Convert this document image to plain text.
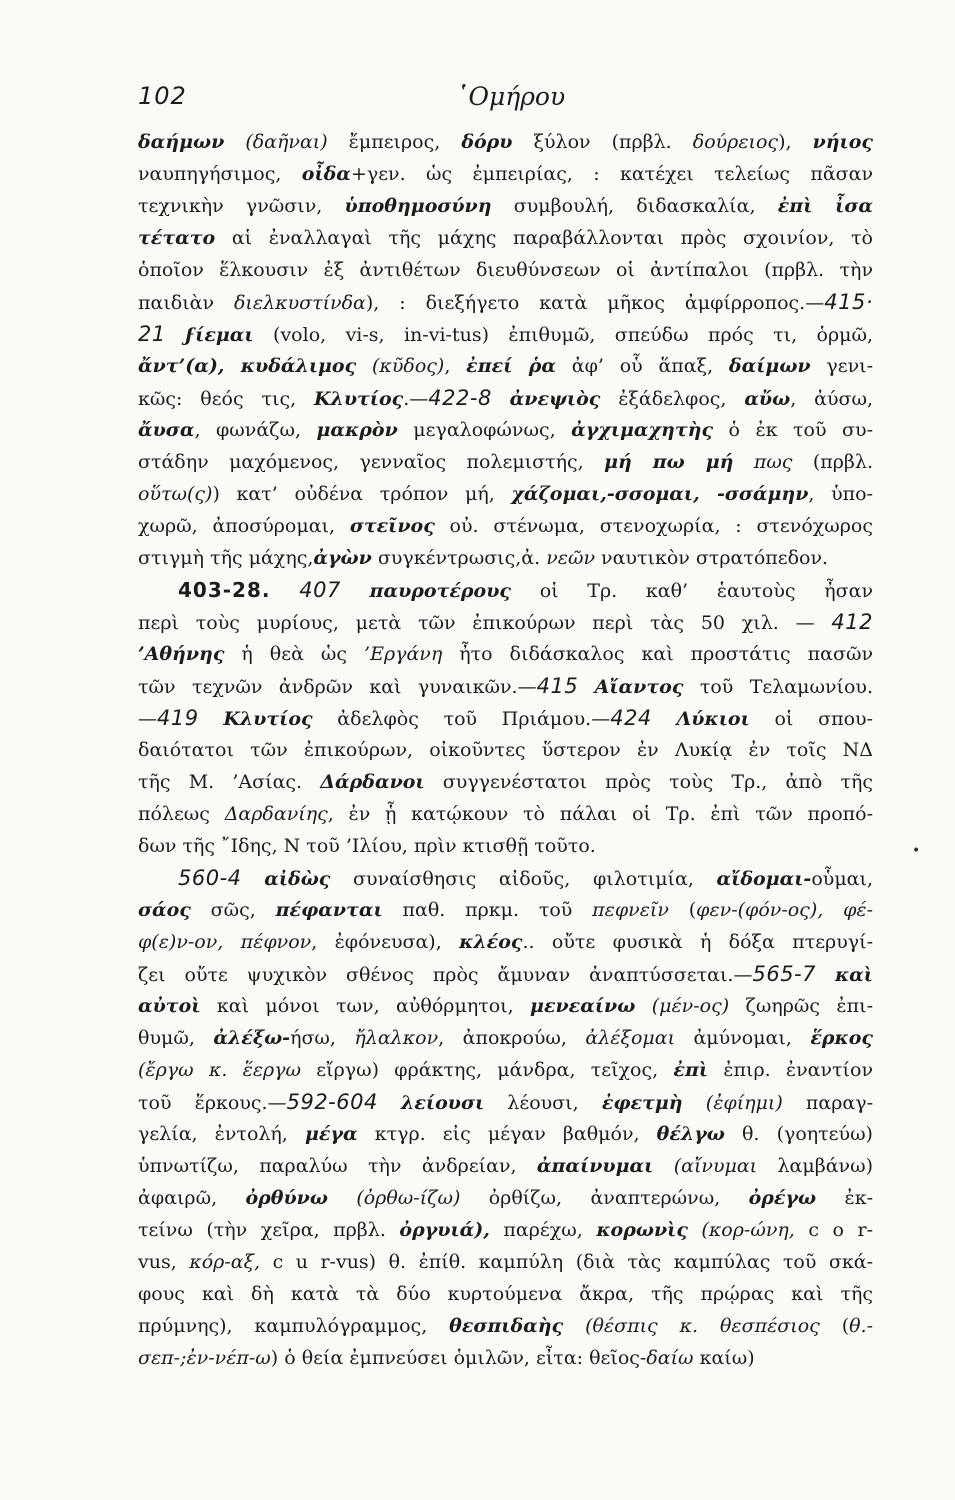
102	῾Ομήρου
δαήμων (δαῆναι) ἔμπειρος, δόρυ ξύλον (πρβλ. δούρειος), νήιος
ναυπηγήσιμος, οἶδα+γεν. ὡς ἐμπειρίας, : κατέχει τελείως πᾶσαν
τεχνικὴν γνῶσιν, ὑποθημοσύνη συμβουλή, διδασκαλία, ἐπὶ ἶσα
τέτατο αἱ ἐναλλαγαὶ τῆς μάχης παραβάλλονται πρὸς σχοινίον, τὸ
ὁποῖον ἕλκουσιν ἐξ ἀντιθέτων διευθύνσεων οἱ ἀντίπαλοι (πρβλ. τὴν
παιδιὰν διελκυστίνδα), : διεξήγετο κατὰ μῆκος ἀμφίρροπος.—415·
21 ϝίεμαι (volo, vi-s, in-vi-tus) ἐπιθυμῶ, σπεύδω πρός τι, ὁρμῶ,
ἄντ’(α), κυδάλιμος (κῦδος), ἐπεί ῥα ἀφ’ οὗ ἅπαξ, δαίμων γενι-
κῶς: θεός τις, Κλυτίος.—422-8 ἀνεψιὸς ἐξάδελφος, αὔω, ἀύσω,
ἄυσα, φωνάζω, μακρὸν μεγαλοφώνως, ἀγχιμαχητὴς ὁ ἐκ τοῦ συ-
στάδην μαχόμενος, γενναῖος πολεμιστής, μή πω μή πως (πρβλ.
οὕτω(ς)) κατ’ οὐδένα τρόπον μή, χάζομαι,-σσομαι, -σσάμην, ὑπο-
χωρῶ, ἀποσύρομαι, στεῖνος οὐ. στένωμα, στενοχωρία, : στενόχωρος
στιγμὴ τῆς μάχης,ἀγὼν συγκέντρωσις,ἀ. νεῶν ναυτικὸν στρατόπεδον.
403-28. 407 παυροτέρους οἱ Τρ. καθ’ ἑαυτοὺς ἦσαν
περὶ τοὺς μυρίους, μετὰ τῶν ἐπικούρων περὶ τὰς 50 χιλ. — 412
’Αθήνης ἡ θεὰ ὡς ’Εργάνη ἦτο διδάσκαλος καὶ προστάτις πασῶν
τῶν τεχνῶν ἀνδρῶν καὶ γυναικῶν.—415 Αἴαντος τοῦ Τελαμωνίου.
—419 Κλυτίος ἀδελφὸς τοῦ Πριάμου.—424 Λύκιοι οἱ σπου-
δαιότατοι τῶν ἐπικούρων, οἰκοῦντες ὕστερον ἐν Λυκίᾳ ἐν τοῖς ΝΔ
τῆς Μ. ’Ασίας. Δάρδανοι συγγενέστατοι πρὸς τοὺς Τρ., ἀπὸ τῆς
πόλεως Δαρδανίης, ἐν ᾗ κατῴκουν τὸ πάλαι οἱ Τρ. ἐπὶ τῶν προπό-
δων τῆς ῎Ιδης, Ν τοῦ ’Ιλίου, πρὶν κτισθῇ τοῦτο.
560-4 αἰδὼς συναίσθησις αἰδοῦς, φιλοτιμία, αἴδομαι-οὗμαι,
σάος σῶς, πέφανται παθ. πρκμ. τοῦ πεφνεῖν (φεν-(φόν-ος), φέ-
φ(ε)ν-ον, πέφνον, ἐφόνευσα), κλέος.. οὔτε φυσικὰ ἡ δόξα πτερυγί-
ζει οὔτε ψυχικὸν σθένος πρὸς ἄμυναν ἀναπτύσσεται.—565-7 καὶ
αὐτοὶ καὶ μόνοι των, αὐθόρμητοι, μενεαίνω (μέν-ος) ζωηρῶς ἐπι-
θυμῶ, ἀλέξω-ήσω, ἤλαλκον, ἀποκρούω, ἀλέξομαι ἀμύνομαι, ἕρκος
(ἔργω κ. ἕεργω εἴργω) φράκτης, μάνδρα, τεῖχος, ἐπὶ ἐπιρ. ἐναντίον
τοῦ ἕρκους.—592-604 λείουσι λέουσι, ἐφετμὴ (ἐφίημι) παραγ-
γελία, ἐντολή, μέγα κτγρ. εἰς μέγαν βαθμόν, θέλγω θ. (γοητεύω)
ὑπνωτίζω, παραλύω τὴν ἀνδρείαν, ἀπαίνυμαι (αἴνυμαι λαμβάνω)
ἀφαιρῶ, ὀρθύνω (ὀρθω-ίζω) ὀρθίζω, ἀναπτερώνω, ὀρέγω ἐκ-
τείνω (τὴν χεῖρα, πρβλ. ὀργυιά), παρέχω, κορωνὶς (κορ-ώνη, c o r-
vus, κόρ-αξ, c u r-vus) θ. ἐπίθ. καμπύλη (διὰ τὰς καμπύλας τοῦ σκά-
φους καὶ δὴ κατὰ τὰ δύο κυρτούμενα ἄκρα, τῆς πρῴρας καὶ τῆς
πρύμνης), καμπυλόγραμμος, θεσπιδαὴς (θέσπις κ. θεσπέσιος (θ.-
σεπ-;ἐν-νέπ-ω) ὁ θεία ἐμπνεύσει ὁμιλῶν, εἶτα: θεῖος-δαίω καίω)
•
